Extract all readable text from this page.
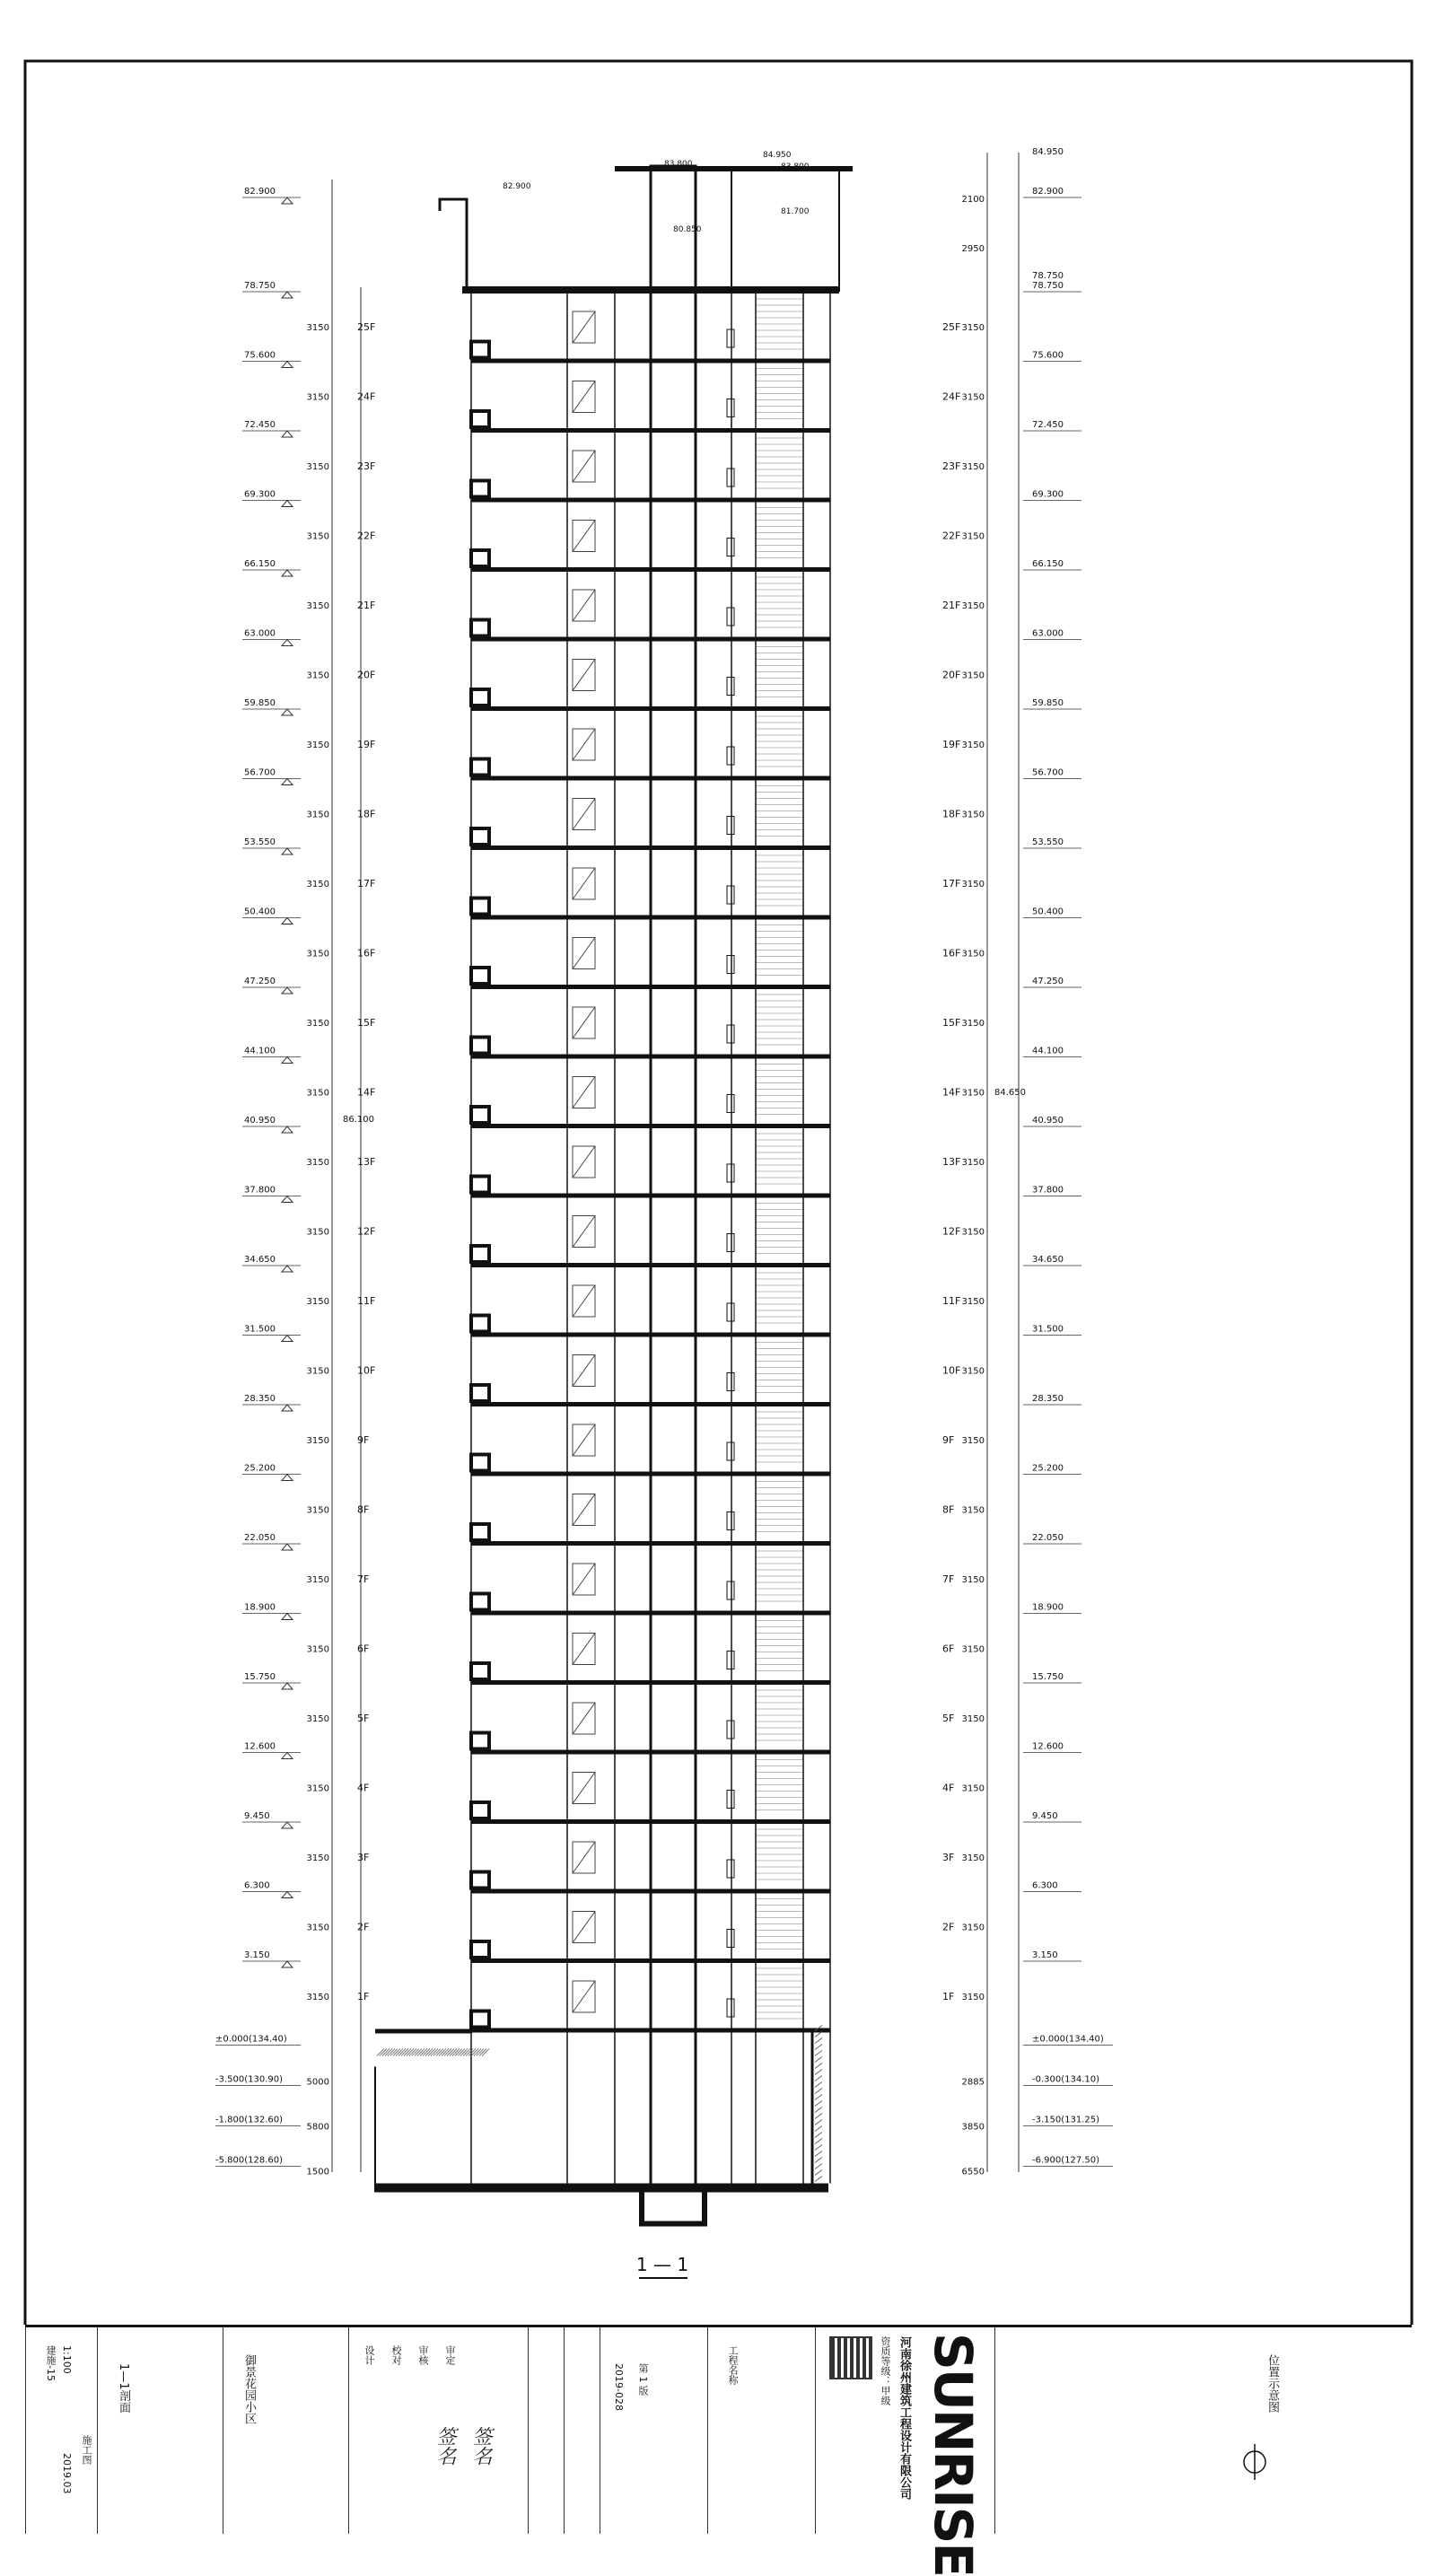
82.900	82.900
78.750	78.750
75.600	75.600
72.450	72.450
69.300	69.300
66.150	66.150
63.000	63.000
59.850	59.850
56.700	56.700
53.550	53.550
50.400	50.400
47.250	47.250
44.100	44.100
40.950	40.950
37.800	37.800
34.650	34.650
31.500	31.500
28.350	28.350
25.200	25.200
22.050	22.050
18.900	18.900
15.750	15.750
12.600	12.600
9.450	9.450
6.300	6.300
3.150	3.150
25F	25F
3150	3150
24F	24F
3150	3150
23F	23F
3150	3150
22F	22F
3150	3150
21F	21F
3150	3150
20F	20F
3150	3150
19F	19F
3150	3150
18F	18F
3150	3150
17F	17F
3150	3150
16F	16F
3150	3150
15F	15F
3150	3150
14F	14F
3150	3150
13F	13F
3150	3150
12F	12F
3150	3150
11F	11F
3150	3150
10F	10F
3150	3150
9F	9F
3150	3150
8F	8F
3150	3150
7F	7F
3150	3150
6F	6F
3150	3150
5F	5F
3150	3150
4F	4F
3150	3150
3F	3F
3150	3150
2F	2F
3150	3150
1F	1F
3150	3150
86.100
84.650
±0.000(134.40)
-3.500(130.90)
-1.800(132.60)
-5.800(128.60)
5000
5800
1500
±0.000(134.40)
-0.300(134.10)
-3.150(131.25)
-6.900(127.50)
2885
3850
6550
84.950
78.750
2100
2950
83.800
84.950
83.800
82.900
80.850
81.700
1 — 1
建施-15 1:100
2019.03
施工图
1—1剖面	御景花园小区	设计 校对 审核 审定
签名 签名
2019-028 第 1 版	工程名称	资质等级：甲级 河南徐州建筑工程设计有限公司 SUNRISE	位置示意图
